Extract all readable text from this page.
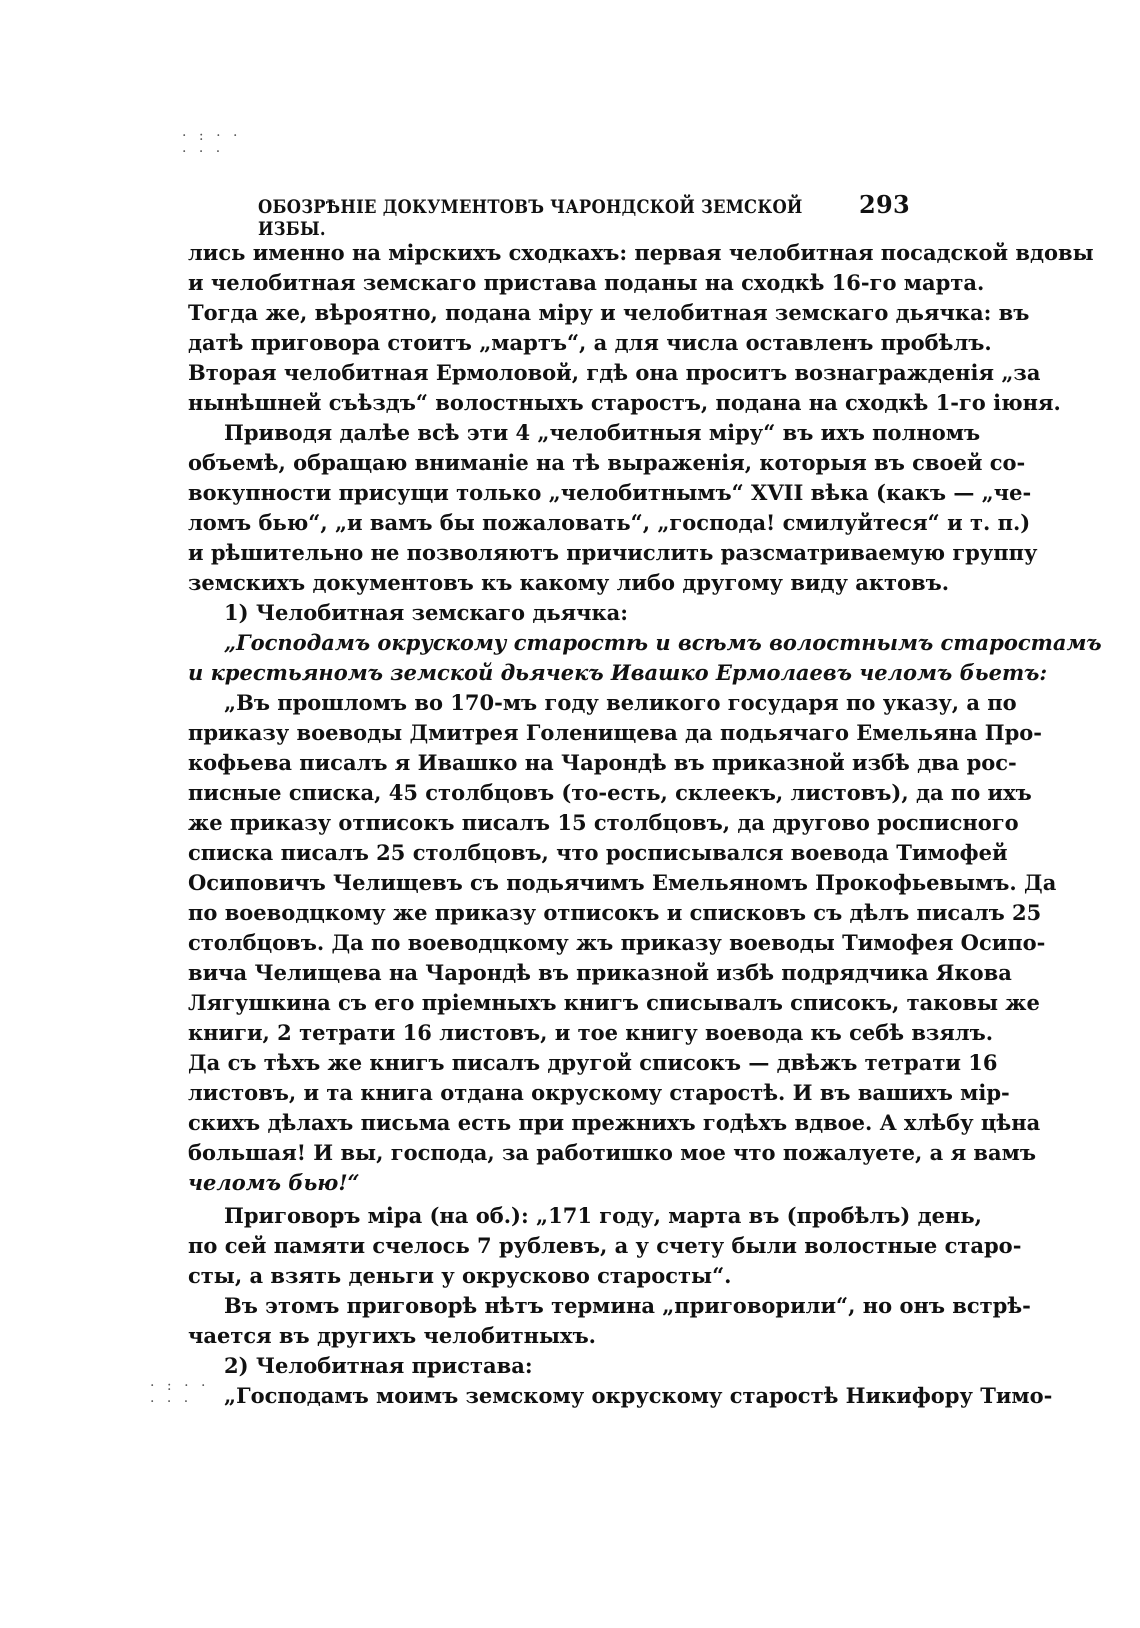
· : · ·
· · ·
ОБОЗРѢНІЕ ДОКУМЕНТОВЪ ЧАРОНДСКОЙ ЗЕМСКОЙ ИЗБЫ.
293
лись именно на мірскихъ сходкахъ: первая челобитная посадской вдовы
и челобитная земскаго пристава поданы на сходкѣ 16-го марта.
Тогда же, вѣроятно, подана міру и челобитная земскаго дьячка: въ
датѣ приговора стоитъ „мартъ“, а для числа оставленъ пробѣлъ.
Вторая челобитная Ермоловой, гдѣ она проситъ вознагражденія „за
нынѣшней съѣздъ“ волостныхъ старостъ, подана на сходкѣ 1-го іюня.
Приводя далѣе всѣ эти 4 „челобитныя міру“ въ ихъ полномъ
объемѣ, обращаю вниманіе на тѣ выраженія, которыя въ своей со-
вокупности присущи только „челобитнымъ“ XVII вѣка (какъ — „че-
ломъ бью“, „и вамъ бы пожаловать“, „господа! смилуйтеся“ и т. п.)
и рѣшительно не позволяютъ причислить разсматриваемую группу
земскихъ документовъ къ какому либо другому виду актовъ.
1) Челобитная земскаго дьячка:
„Господамъ окрускому старостѣ и всѣмъ волостнымъ старостамъ
и крестьяномъ земской дьячекъ Ивашко Ермолаевъ челомъ бьетъ:
„Въ прошломъ во 170-мъ году великого государя по указу, а по
приказу воеводы Дмитрея Голенищева да подьячаго Емельяна Про-
кофьева писалъ я Ивашко на Чарондѣ въ приказной избѣ два рос-
писные списка, 45 столбцовъ (то-есть, склеекъ, листовъ), да по ихъ
же приказу отписокъ писалъ 15 столбцовъ, да другово росписного
списка писалъ 25 столбцовъ, что росписывался воевода Тимофей
Осиповичъ Челищевъ съ подьячимъ Емельяномъ Прокофьевымъ. Да
по воеводцкому же приказу отписокъ и списковъ съ дѣлъ писалъ 25
столбцовъ. Да по воеводцкому жъ приказу воеводы Тимофея Осипо-
вича Челищева на Чарондѣ въ приказной избѣ подрядчика Якова
Лягушкина съ его пріемныхъ книгъ списывалъ списокъ, таковы же
книги, 2 тетрати 16 листовъ, и тое книгу воевода къ себѣ взялъ.
Да съ тѣхъ же книгъ писалъ другой списокъ — двѣжъ тетрати 16
листовъ, и та книга отдана окрускому старостѣ. И въ вашихъ мір-
скихъ дѣлахъ письма есть при прежнихъ годѣхъ вдвое. А хлѣбу цѣна
большая! И вы, господа, за работишко мое что пожалуете, а я вамъ
челомъ бью!“
Приговоръ міра (на об.): „171 году, марта въ (пробѣлъ) день,
по сей памяти счелось 7 рублевъ, а у счету были волостные старо-
сты, а взять деньги у окрусково старосты“.
Въ этомъ приговорѣ нѣтъ термина „приговорили“, но онъ встрѣ-
чается въ другихъ челобитныхъ.
2) Челобитная пристава:
„Господамъ моимъ земскому окрускому старостѣ Никифору Тимо-
· : · ·
· · ·
